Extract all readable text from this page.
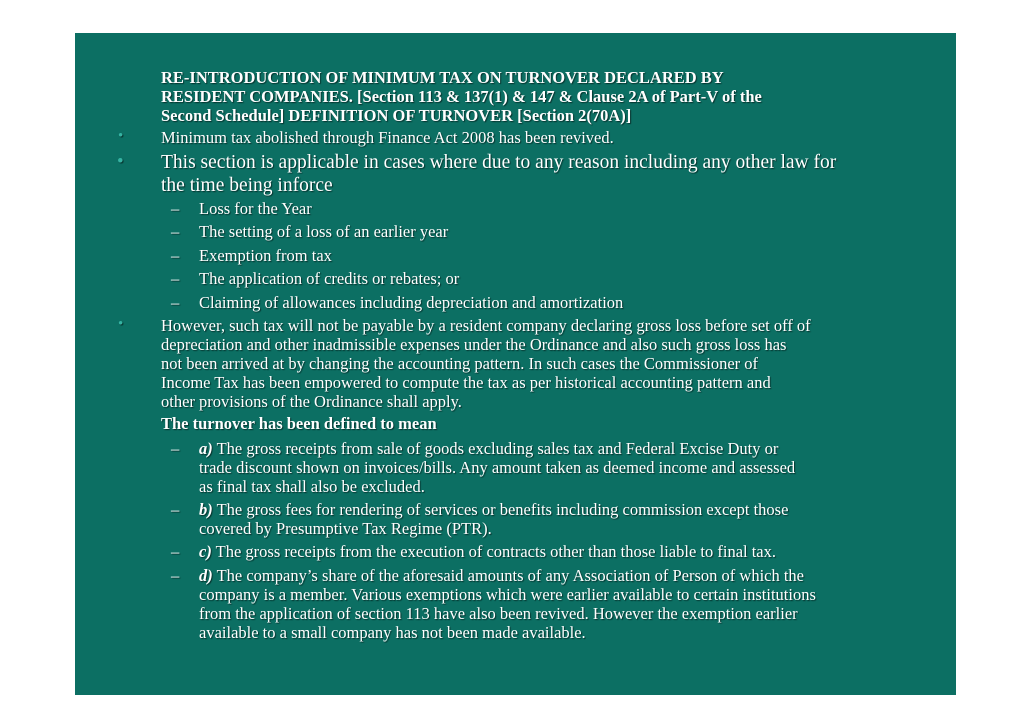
RE-INTRODUCTION OF MINIMUM TAX ON TURNOVER DECLARED BY
RESIDENT COMPANIES. [Section 113 & 137(1) & 147 & Clause 2A of Part-V of the
Second Schedule] DEFINITION OF TURNOVER [Section 2(70A)]
• Minimum tax abolished through Finance Act 2008 has been revived.
• This section is applicable in cases where due to any reason including any other law for
the time being inforce
– Loss for the Year
– The setting of a loss of an earlier year
– Exemption from tax
– The application of credits or rebates; or
– Claiming of allowances including depreciation and amortization
• However, such tax will not be payable by a resident company declaring gross loss before set off of
depreciation and other inadmissible expenses under the Ordinance and also such gross loss has
not been arrived at by changing the accounting pattern. In such cases the Commissioner of
Income Tax has been empowered to compute the tax as per historical accounting pattern and
other provisions of the Ordinance shall apply.
The turnover has been defined to mean
– a) The gross receipts from sale of goods excluding sales tax and Federal Excise Duty or
trade discount shown on invoices/bills. Any amount taken as deemed income and assessed
as final tax shall also be excluded.
– b) The gross fees for rendering of services or benefits including commission except those
covered by Presumptive Tax Regime (PTR).
– c) The gross receipts from the execution of contracts other than those liable to final tax.
– d) The company’s share of the aforesaid amounts of any Association of Person of which the
company is a member. Various exemptions which were earlier available to certain institutions
from the application of section 113 have also been revived. However the exemption earlier
available to a small company has not been made available.
